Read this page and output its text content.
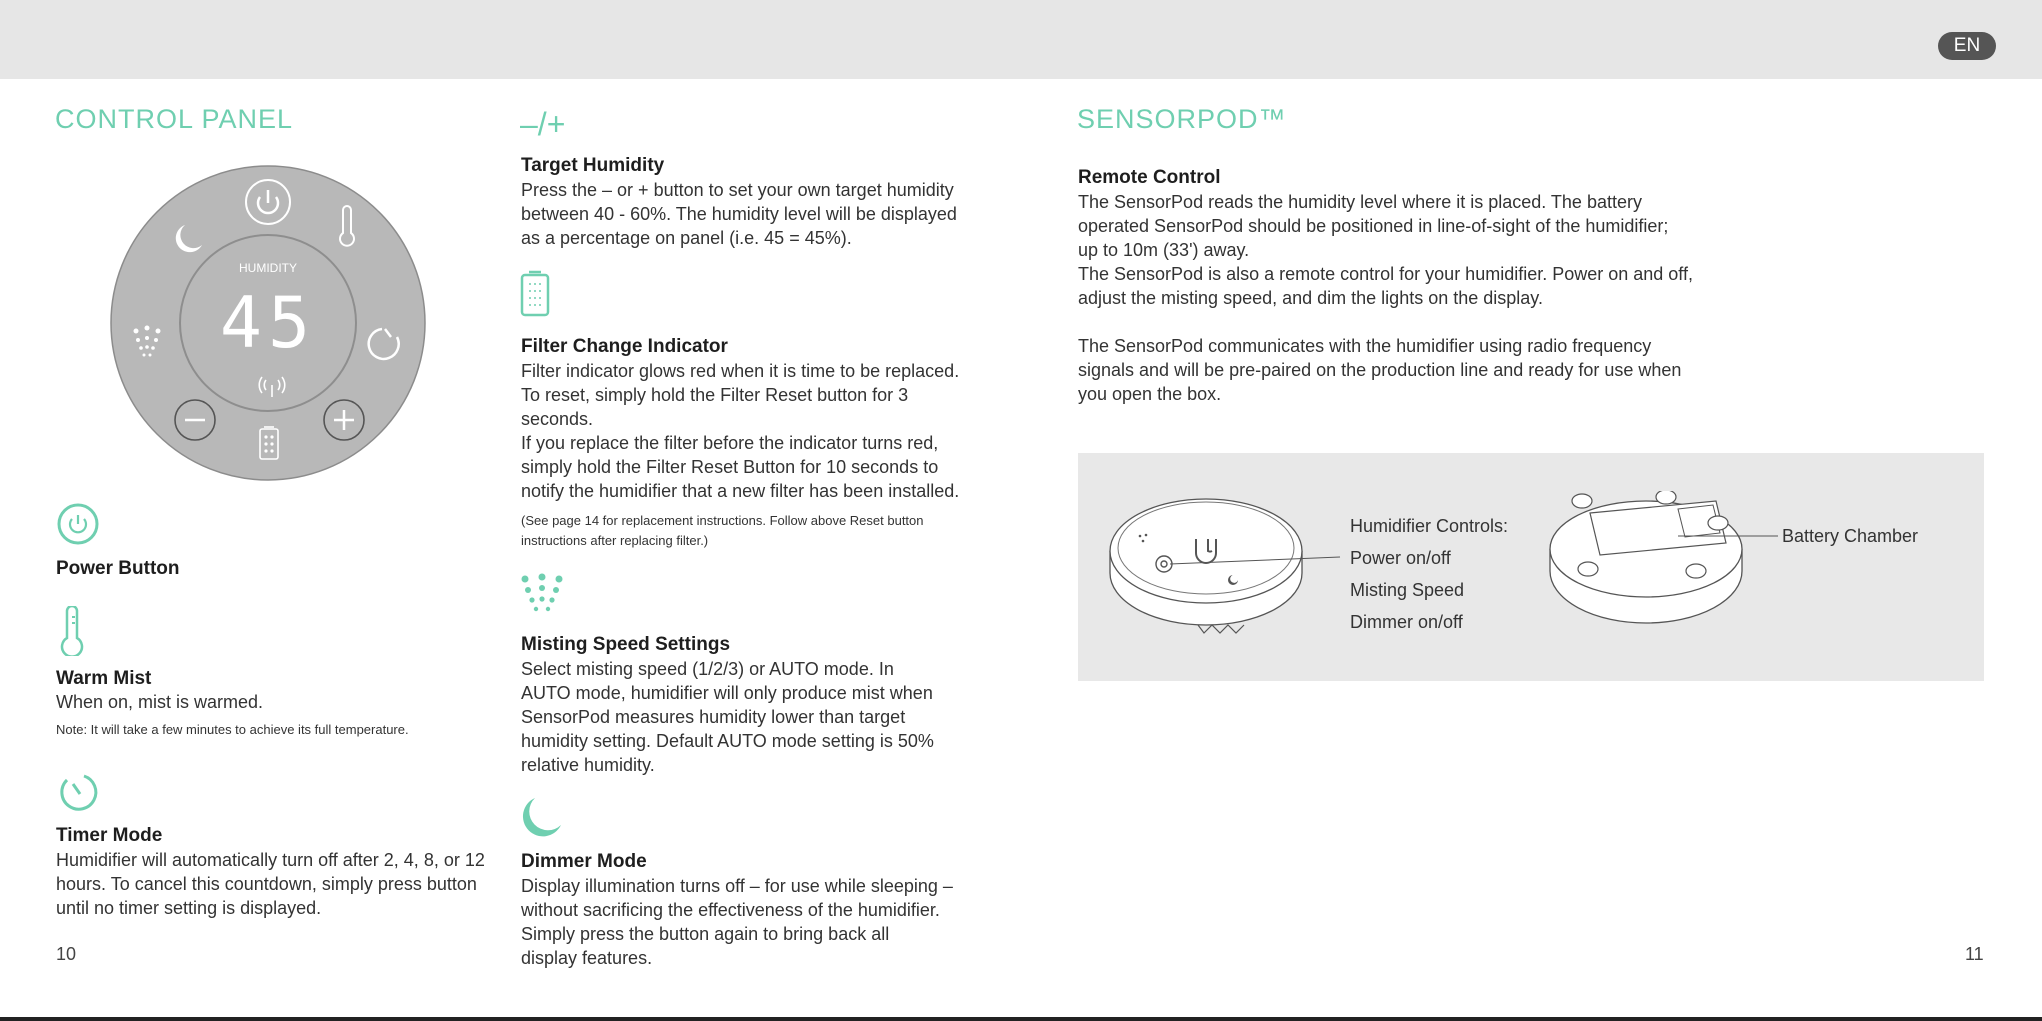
EN
CONTROL PANEL
HUMIDITY
45
Power Button
Warm Mist
When on, mist is warmed.
Note: It will take a few minutes to achieve its full temperature.
Timer Mode
Humidifier will automatically turn off after 2, 4, 8, or 12
hours. To cancel this countdown, simply press button
until no timer setting is displayed.
10
–/+
Target Humidity
Press the – or + button to set your own target humidity
between 40 - 60%. The humidity level will be displayed
as a percentage on panel (i.e. 45 = 45%).
Filter Change Indicator
Filter indicator glows red when it is time to be replaced.
To reset, simply hold the Filter Reset button for 3
seconds.
If you replace the filter before the indicator turns red,
simply hold the Filter Reset Button for 10 seconds to
notify the humidifier that a new filter has been installed.
(See page 14 for replacement instructions. Follow above Reset button
instructions after replacing filter.)
Misting Speed Settings
Select misting speed (1/2/3) or AUTO mode. In
AUTO mode, humidifier will only produce mist when
SensorPod measures humidity lower than target
humidity setting. Default AUTO mode setting is 50%
relative humidity.
Dimmer Mode
Display illumination turns off – for use while sleeping –
without sacrificing the effectiveness of the humidifier.
Simply press the button again to bring back all
display features.
SENSORPOD™
Remote Control
The SensorPod reads the humidity level where it is placed. The battery
operated SensorPod should be positioned in line-of-sight of the humidifier;
up to 10m (33') away.
The SensorPod is also a remote control for your humidifier. Power on and off,
adjust the misting speed, and dim the lights on the display.
The SensorPod communicates with the humidifier using radio frequency
signals and will be pre-paired on the production line and ready for use when
you open the box.
Humidifier Controls:
Power on/off
Misting Speed
Dimmer on/off
Battery Chamber
11
